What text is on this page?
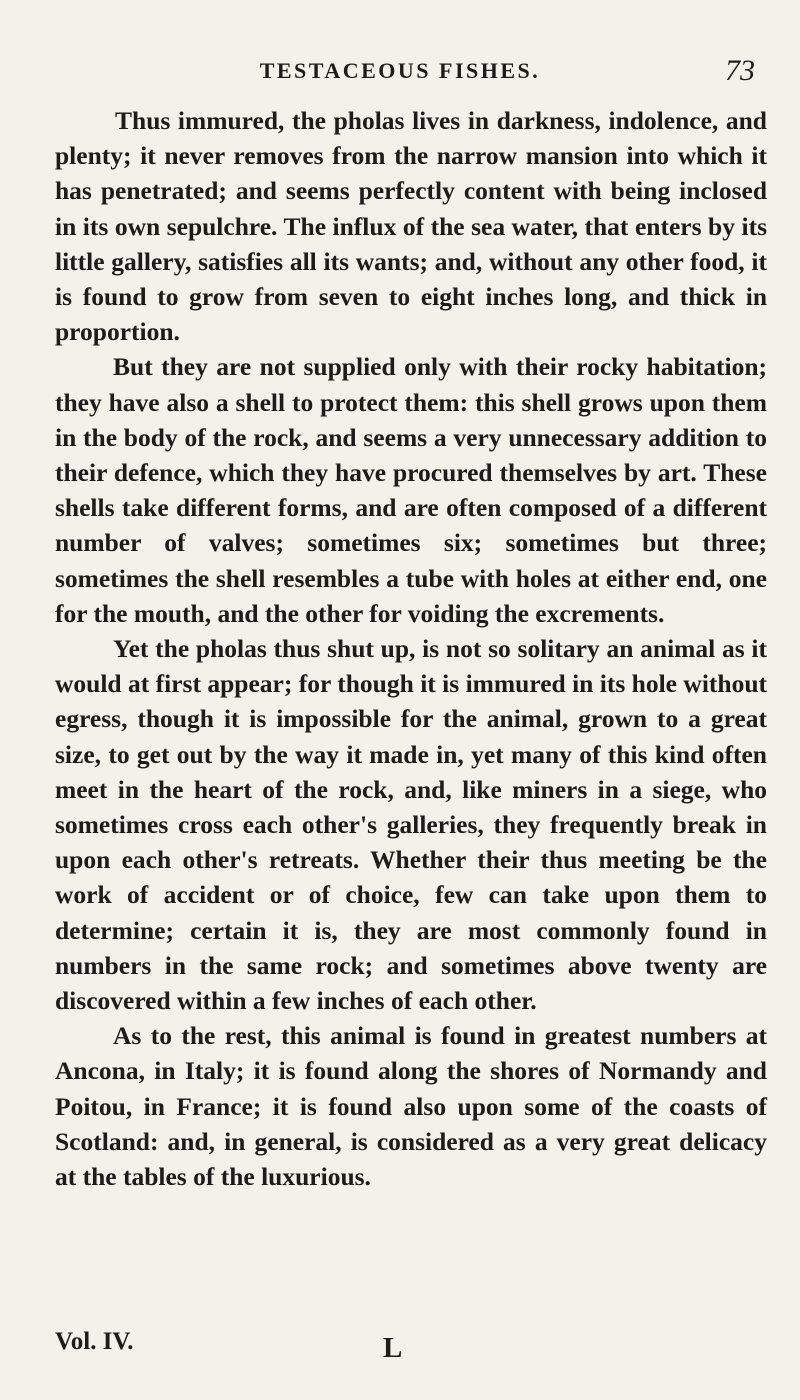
TESTACEOUS FISHES.	73

Thus immured, the pholas lives in darkness, indolence, and plenty; it never removes from the narrow mansion into which it has penetrated; and seems perfectly content with being inclosed in its own sepulchre. The influx of the sea water, that enters by its little gallery, satisfies all its wants; and, without any other food, it is found to grow from seven to eight inches long, and thick in proportion.

But they are not supplied only with their rocky habitation; they have also a shell to protect them: this shell grows upon them in the body of the rock, and seems a very unnecessary addition to their defence, which they have procured themselves by art. These shells take different forms, and are often composed of a different number of valves; sometimes six; sometimes but three; sometimes the shell resembles a tube with holes at either end, one for the mouth, and the other for voiding the excrements.

Yet the pholas thus shut up, is not so solitary an animal as it would at first appear; for though it is immured in its hole without egress, though it is impossible for the animal, grown to a great size, to get out by the way it made in, yet many of this kind often meet in the heart of the rock, and, like miners in a siege, who sometimes cross each other's galleries, they frequently break in upon each other's retreats. Whether their thus meeting be the work of accident or of choice, few can take upon them to determine; certain it is, they are most commonly found in numbers in the same rock; and sometimes above twenty are discovered within a few inches of each other.

As to the rest, this animal is found in greatest numbers at Ancona, in Italy; it is found along the shores of Normandy and Poitou, in France; it is found also upon some of the coasts of Scotland: and, in general, is considered as a very great delicacy at the tables of the luxurious.

Vol. IV.	L
